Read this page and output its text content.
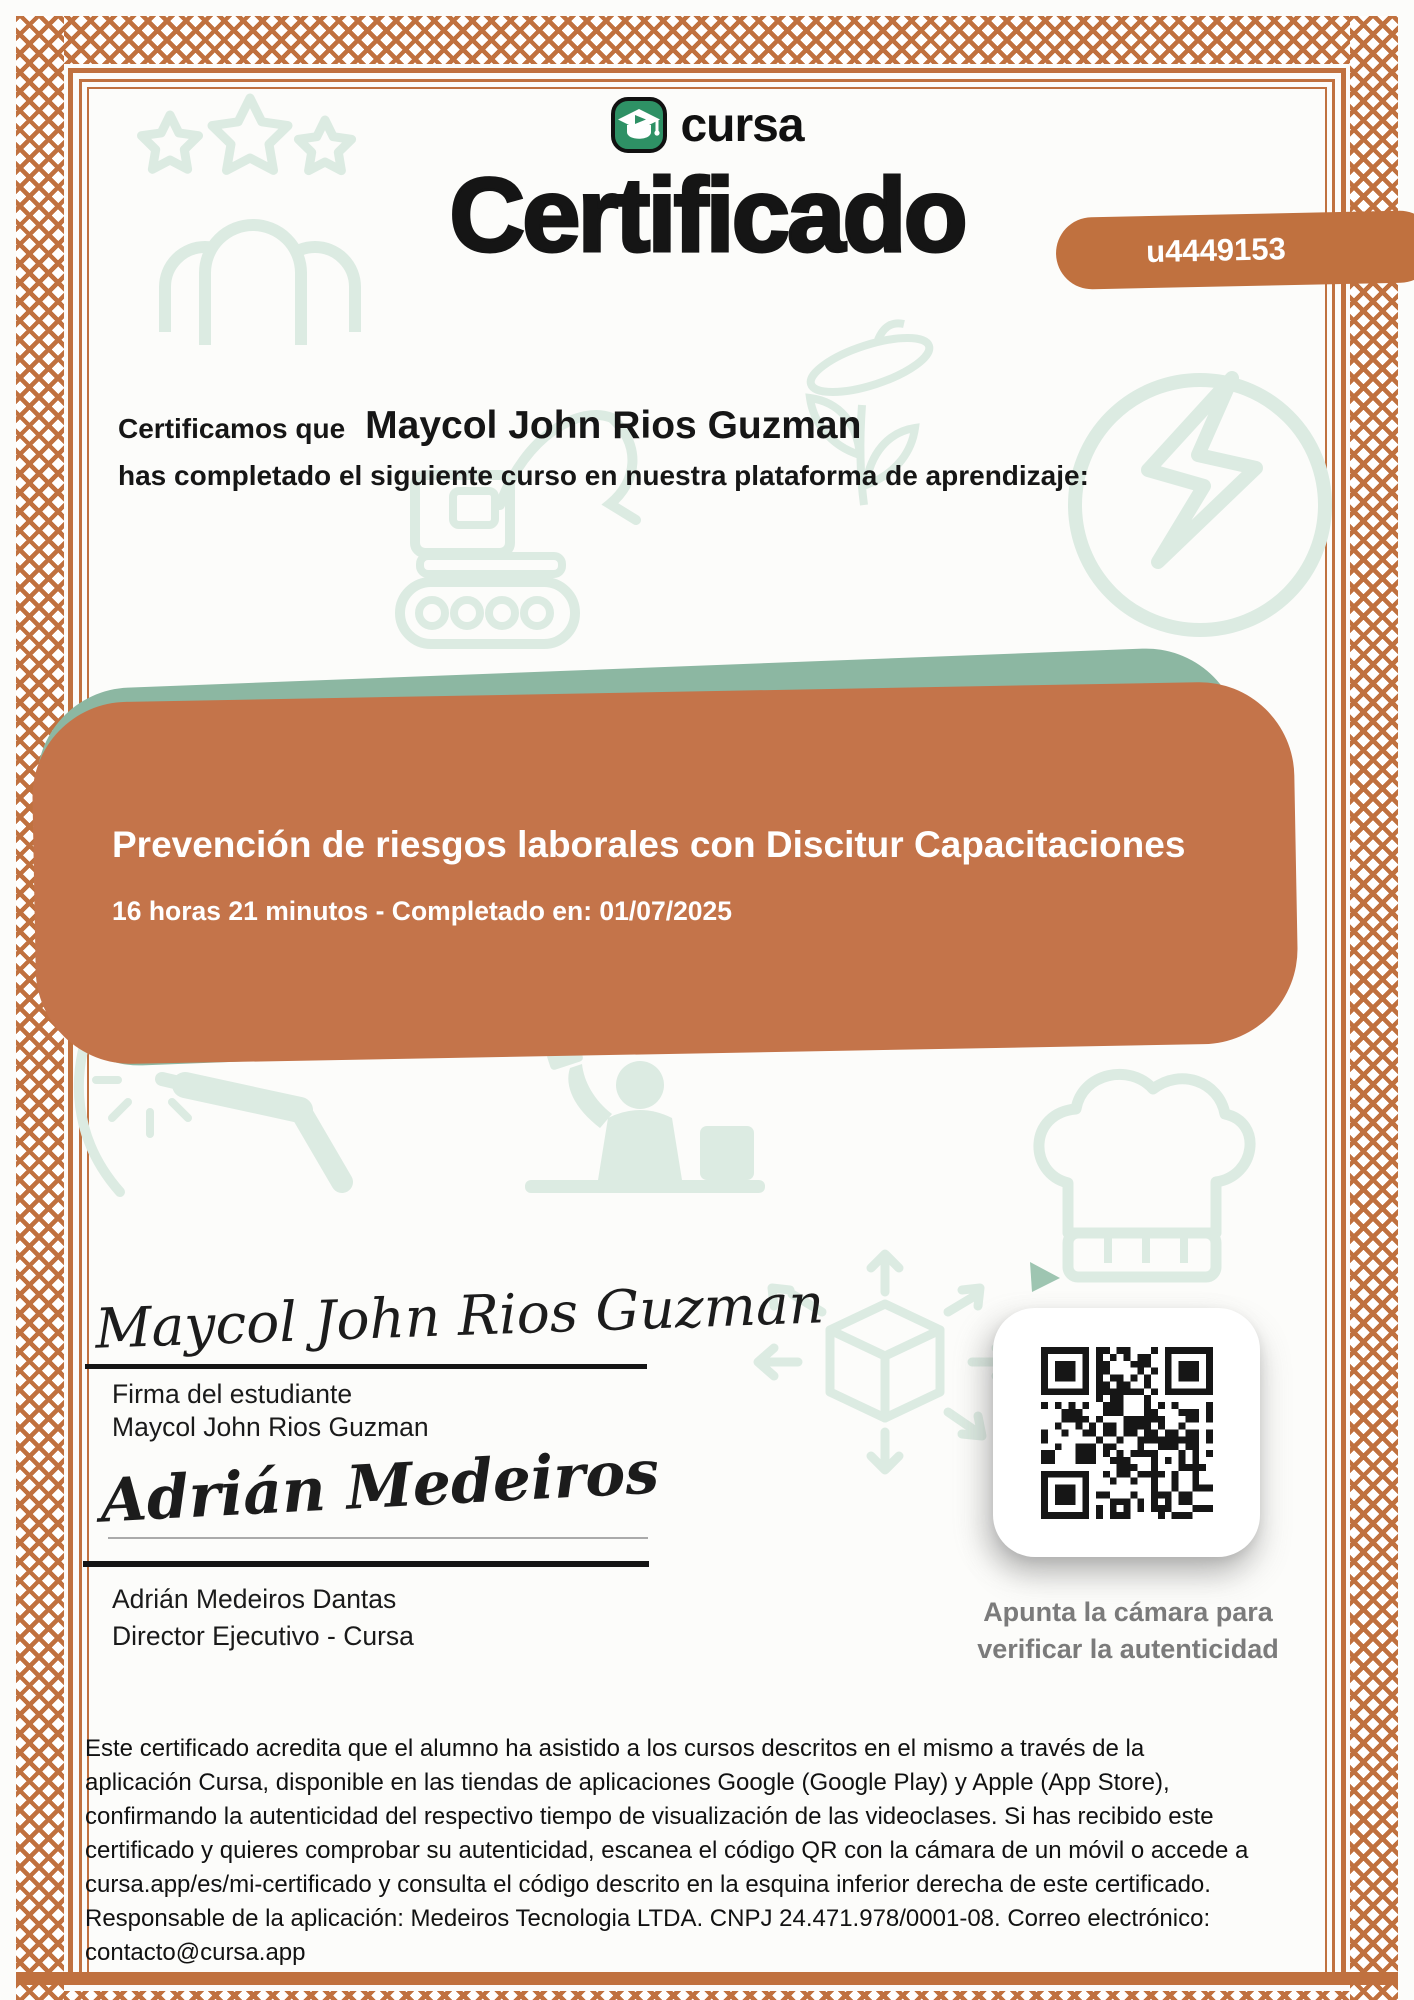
cursa
Certificado	u4449153
Certificamos que Maycol John Rios Guzman
has completado el siguiente curso en nuestra plataforma de aprendizaje:
Prevención de riesgos laborales con Discitur Capacitaciones
16 horas 21 minutos - Completado en: 01/07/2025
Maycol John Rios Guzman
Firma del estudiante
Maycol John Rios Guzman
Adrián Medeiros
Adrián Medeiros Dantas
Director Ejecutivo - Cursa
Apunta la cámara para
verificar la autenticidad
Este certificado acredita que el alumno ha asistido a los cursos descritos en el mismo a través de la aplicación Cursa, disponible en las tiendas de aplicaciones Google (Google Play) y Apple (App Store), confirmando la autenticidad del respectivo tiempo de visualización de las videoclases. Si has recibido este certificado y quieres comprobar su autenticidad, escanea el código QR con la cámara de un móvil o accede a cursa.app/es/mi-certificado y consulta el código descrito en la esquina inferior derecha de este certificado. Responsable de la aplicación: Medeiros Tecnologia LTDA. CNPJ 24.471.978/0001-08. Correo electrónico: contacto@cursa.app
